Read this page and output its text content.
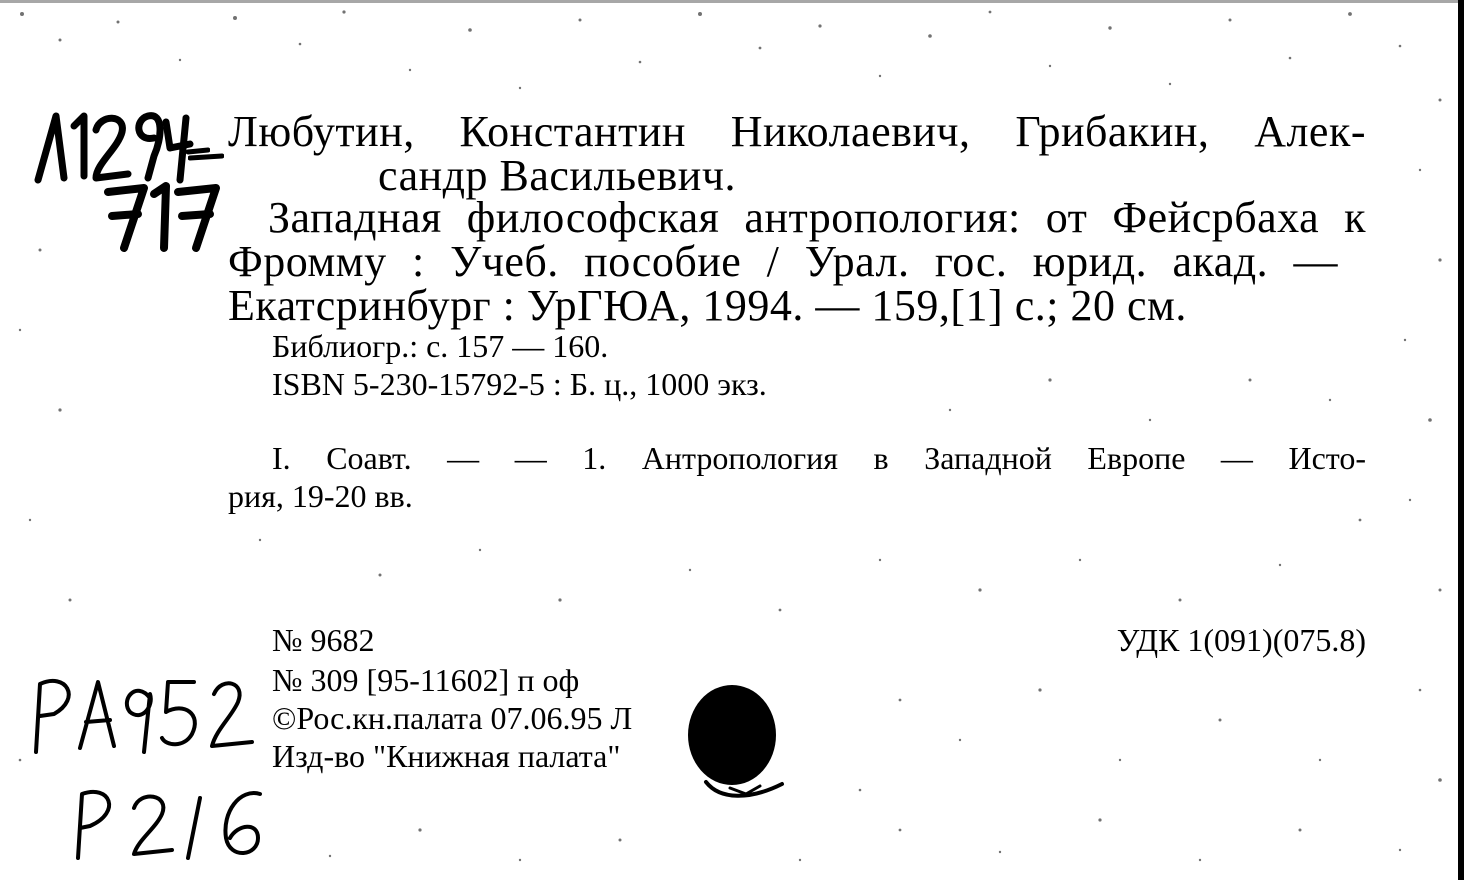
Любутин, Константин Николаевич, Грибакин, Алек-

сандр Васильевич.

Западная философская антропология: от Фейсрбаха к

Фромму : Учеб. пособие / Урал. гос. юрид. акад. —

Екатсринбург : УрГЮА, 1994. — 159,[1] с.; 20 см.

Библиогр.: с. 157 — 160.

ISBN 5-230-15792-5 : Б. ц., 1000 экз.

I. Соавт. — — 1. Антропология в Западной Европе — Исто-

рия, 19-20 вв.

№ 9682	УДК 1(091)(075.8)

№ 309 [95-11602] п оф

©Рос.кн.палата 07.06.95 Л

Изд-во "Книжная палата"
